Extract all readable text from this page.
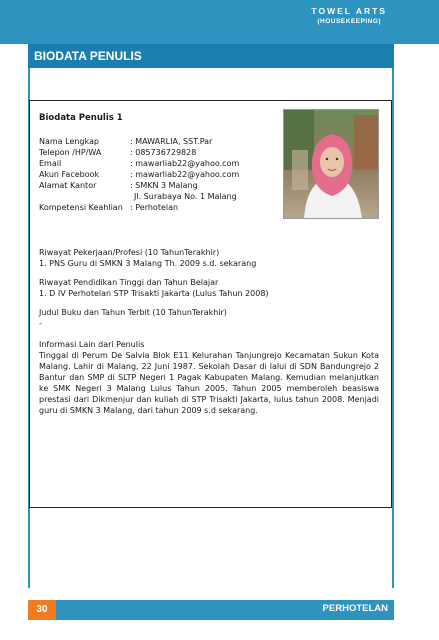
TOWEL ARTS
(HOUSEKEEPING)
BIODATA PENULIS
Biodata Penulis 1
Nama Lengkap	: MAWARLIA, SST.Par
Telepon /HP/WA	: 085736729828
Email	: mawarliab22@yahoo.com
Akun Facebook	: mawarliab22@yahoo.com
Alamat Kantor	: SMKN 3 Malang
Jl. Surabaya No. 1 Malang
Kompetensi Keahlian : Perhotelan
Riwayat Pekerjaan/Profesi (10 TahunTerakhir)
1. PNS Guru di SMKN 3 Malang Th. 2009 s.d. sekarang
Riwayat Pendidikan Tinggi dan Tahun Belajar
1. D IV Perhotelan STP Trisakti Jakarta (Lulus Tahun 2008)
Judul Buku dan Tahun Terbit (10 TahunTerakhir)
-
Informasi Lain dari Penulis
Tinggal di Perum De Salvia Blok E11 Kelurahan Tanjungrejo Kecamatan Sukun Kota Malang. Lahir di Malang, 22 Juni 1987. Sekolah Dasar di lalui di SDN Bandungrejo 2 Bantur dan SMP di SLTP Negeri 1 Pagak Kabupaten Malang. Kemudian melanjutkan ke SMK Negeri 3 Malang Lulus Tahun 2005. Tahun 2005 memberoleh beasiswa prestasi dari Dikmenjur dan kuliah di STP Trisakti Jakarta, lulus tahun 2008. Menjadi guru di SMKN 3 Malang, dari tahun 2009 s.d sekarang.
30	PERHOTELAN
